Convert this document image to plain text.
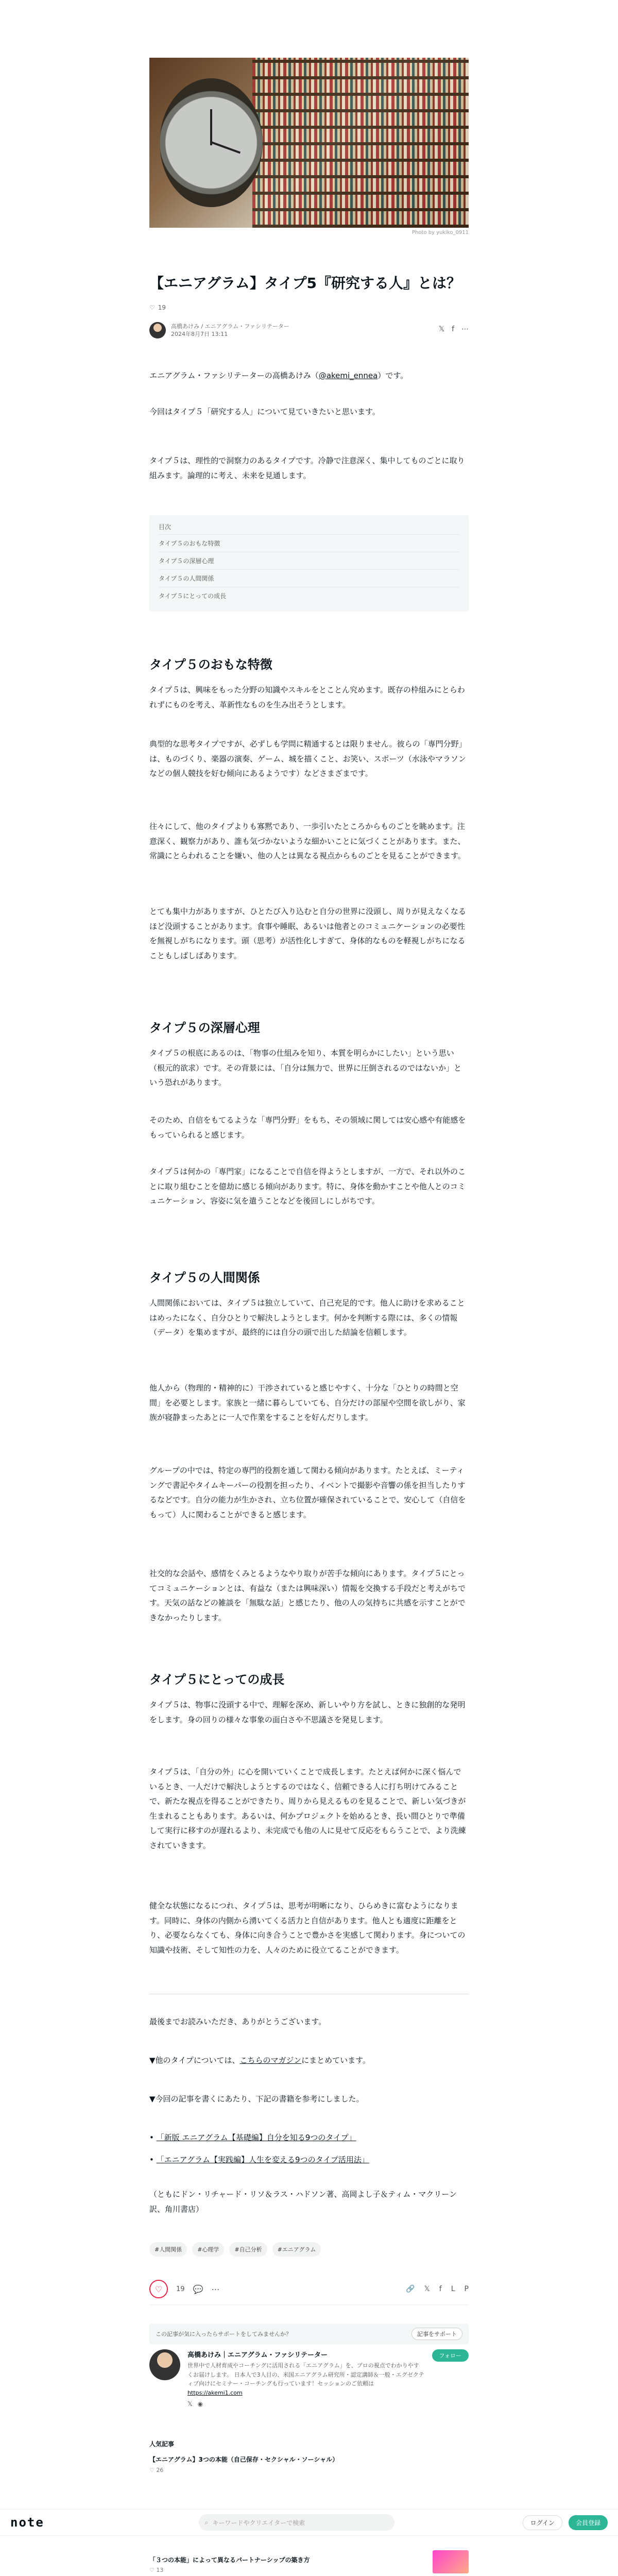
Photo by yukiko_0911
【エニアグラム】タイプ5『研究する人』とは？
♡ 19
高橋あけみ / エニアグラム・ファシリテーター
2024年8月7日 13:11
𝕏 f ⋯
エニアグラム・ファシリテーターの高橋あけみ（@akemi_ennea）です。
今回はタイプ５「研究する人」について見ていきたいと思います。
タイプ５は、理性的で洞察力のあるタイプです。冷静で注意深く、集中してものごとに取り組みます。論理的に考え、未来を見通します。
目次
タイプ５のおもな特徴
タイプ５の深層心理
タイプ５の人間関係
タイプ５にとっての成長
タイプ５のおもな特徴
タイプ５は、興味をもった分野の知識やスキルをとことん究めます。既存の枠組みにとらわれずにものを考え、革新性なものを生み出そうとします。
典型的な思考タイプですが、必ずしも学問に精通するとは限りません。彼らの「専門分野」は、ものづくり、楽器の演奏、ゲーム、城を描くこと、お笑い、スポーツ（水泳やマラソンなどの個人競技を好む傾向にあるようです）などさまざまです。
往々にして、他のタイプよりも寡黙であり、一歩引いたところからものごとを眺めます。注意深く、観察力があり、誰も気づかないような細かいことに気づくことがあります。また、常識にとらわれることを嫌い、他の人とは異なる視点からものごとを見ることができます。
とても集中力がありますが、ひとたび入り込むと自分の世界に没頭し、周りが見えなくなるほど没頭することがあります。食事や睡眠、あるいは他者とのコミュニケーションの必要性を無視しがちになります。頭（思考）が活性化しすぎて、身体的なものを軽視しがちになることもしばしばあります。
タイプ５の深層心理
タイプ５の根底にあるのは、「物事の仕組みを知り、本質を明らかにしたい」という思い（根元的欲求）です。その背景には、「自分は無力で、世界に圧倒されるのではないか」という恐れがあります。
そのため、自信をもてるような「専門分野」をもち、その領域に関しては安心感や有能感をもっていられると感じます。
タイプ５は何かの「専門家」になることで自信を得ようとしますが、一方で、それ以外のことに取り組むことを億劫に感じる傾向があります。特に、身体を動かすことや他人とのコミュニケーション、容姿に気を遣うことなどを後回しにしがちです。
タイプ５の人間関係
人間関係においては、タイプ５は独立していて、自己充足的です。他人に助けを求めることはめったになく、自分ひとりで解決しようとします。何かを判断する際には、多くの情報（データ）を集めますが、最終的には自分の頭で出した結論を信頼します。
他人から（物理的・精神的に）干渉されていると感じやすく、十分な「ひとりの時間と空間」を必要とします。家族と一緒に暮らしていても、自分だけの部屋や空間を欲しがり、家族が寝静まったあとに一人で作業をすることを好んだりします。
グループの中では、特定の専門的役割を通して関わる傾向があります。たとえば、ミーティングで書記やタイムキーパーの役割を担ったり、イベントで撮影や音響の係を担当したりするなどです。自分の能力が生かされ、立ち位置が確保されていることで、安心して（自信をもって）人に関わることができると感じます。
社交的な会話や、感情をくみとるようなやり取りが苦手な傾向にあります。タイプ５にとってコミュニケーションとは、有益な（または興味深い）情報を交換する手段だと考えがちです。天気の話などの雑談を「無駄な話」と感じたり、他の人の気持ちに共感を示すことができなかったりします。
タイプ５にとっての成長
タイプ５は、物事に没頭する中で、理解を深め、新しいやり方を試し、ときに独創的な発明をします。身の回りの様々な事象の面白さや不思議さを発見します。
タイプ５は、「自分の外」に心を開いていくことで成長します。たとえば何かに深く悩んでいるとき、一人だけで解決しようとするのではなく、信頼できる人に打ち明けてみることで、新たな視点を得ることができたり、周りから見えるものを見ることで、新しい気づきが生まれることもあります。あるいは、何かプロジェクトを始めるとき、長い間ひとりで準備して実行に移すのが遅れるより、未完成でも他の人に見せて反応をもらうことで、より洗練されていきます。
健全な状態になるにつれ、タイプ５は、思考が明晰になり、ひらめきに富むようになります。同時に、身体の内側から湧いてくる活力と自信があります。他人とも適度に距離をとり、必要ならなくても、身体に向き合うことで豊かさを実感して関わります。身についての知識や技術、そして知性の力を、人々のために役立てることができます。
最後までお読みいただき、ありがとうございます。
▼他のタイプについては、こちらのマガジンにまとめています。
▼今回の記事を書くにあたり、下記の書籍を参考にしました。
• 「新版 エニアグラム【基礎編】自分を知る9つのタイプ」
• 「エニアグラム【実践編】人生を変える9つのタイプ活用法」
（ともにドン・リチャード・リソ＆ラス・ハドソン著、高岡よし子＆ティム・マクリーン訳、角川書店）
#人間関係	#心理学	#自己分析	#エニアグラム
♡ 19 💬 ⋯	🔗 𝕏 f L P
この記事が気に入ったらサポートをしてみませんか？	記事をサポート
高橋あけみ｜エニアグラム・ファシリテーター
世界中で人材育成やコーチングに活用される「エニアグラム」を、プロの視点でわかりやすくお届けします。 日本人で3人目の、米国エニアグラム研究所・認定講師＆一般・エグゼクティブ向けにセミナー・コーチングも行っています！セッションのご依頼はhttps://akemi1.com
𝕏 ◉
フォロー
人気記事
【エニアグラム】3つの本能（自己保存・セクシャル・ソーシャル）
♡ 26
note	⌕ キーワードやクリエイターで検索	ログイン	会員登録
「３つの本能」によって異なるパートナーシップの築き方
♡ 13
